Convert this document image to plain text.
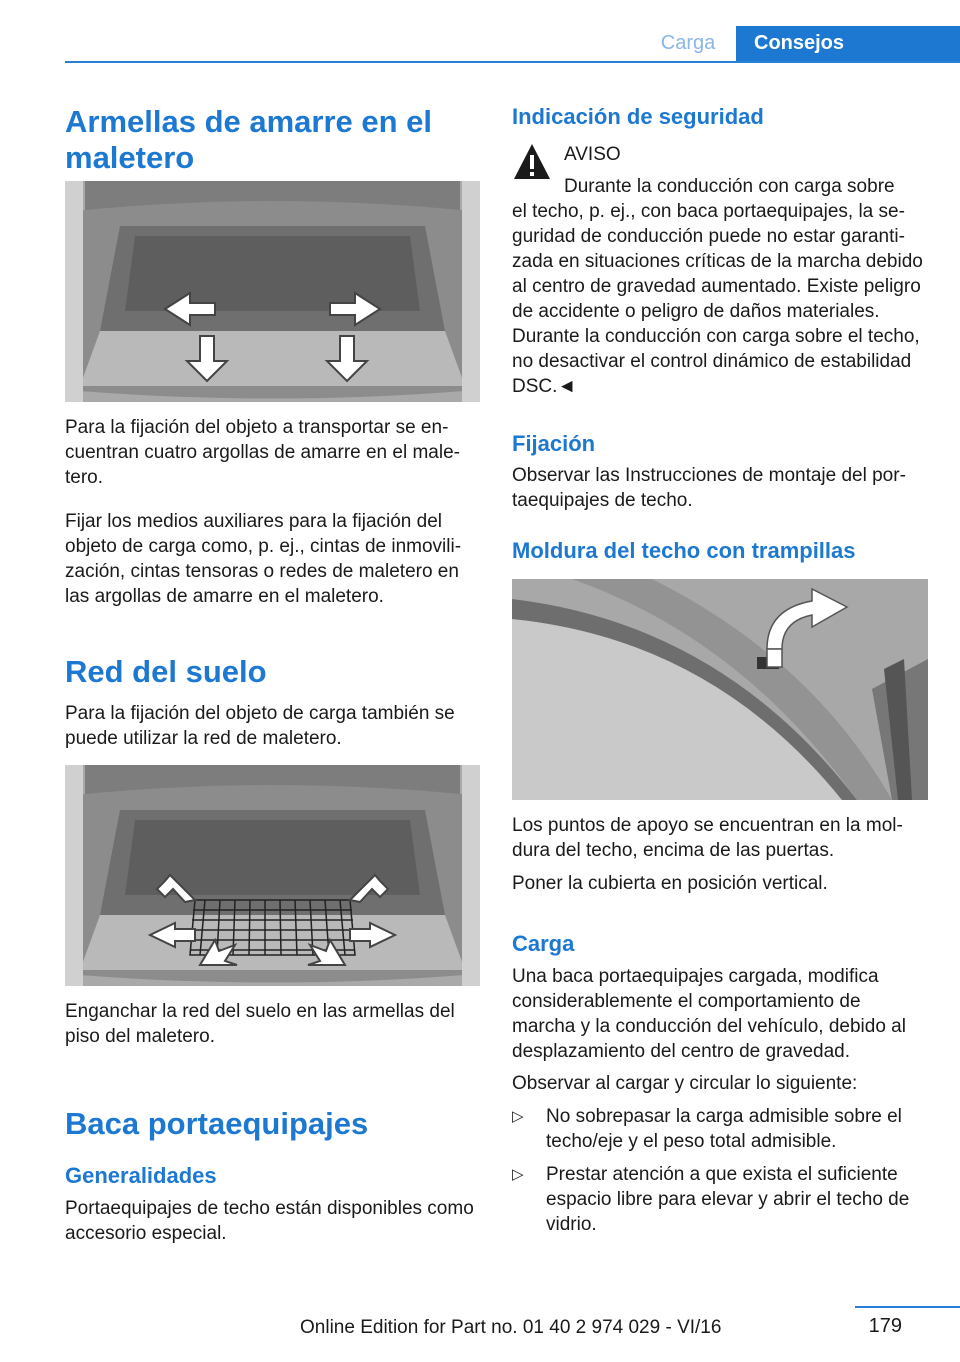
Carga	Consejos
Armellas de amarre en el maletero

Para la fijación del objeto a transportar se encuentran cuatro argollas de amarre en el maletero.

Fijar los medios auxiliares para la fijación del objeto de carga como, p. ej., cintas de inmovilización, cintas tensoras o redes de maletero en las argollas de amarre en el maletero.

Red del suelo

Para la fijación del objeto de carga también se puede utilizar la red de maletero.

Enganchar la red del suelo en las armellas del piso del maletero.

Baca portaequipajes
Generalidades

Portaequipajes de techo están disponibles como accesorio especial.

Indicación de seguridad

AVISO

Durante la conducción con carga sobre

el techo, p. ej., con baca portaequipajes, la seguridad de conducción puede no estar garantizada en situaciones críticas de la marcha debido al centro de gravedad aumentado. Existe peligro de accidente o peligro de daños materiales. Durante la conducción con carga sobre el techo, no desactivar el control dinámico de estabilidad DSC.◄

Fijación

Observar las Instrucciones de montaje del portaequipajes de techo.

Moldura del techo con trampillas

Los puntos de apoyo se encuentran en la moldura del techo, encima de las puertas.

Poner la cubierta en posición vertical.

Carga

Una baca portaequipajes cargada, modifica considerablemente el comportamiento de marcha y la conducción del vehículo, debido al desplazamiento del centro de gravedad.

Observar al cargar y circular lo siguiente:

▷ No sobrepasar la carga admisible sobre el techo/eje y el peso total admisible.
▷ Prestar atención a que exista el suficiente espacio libre para elevar y abrir el techo de vidrio.
179
Online Edition for Part no. 01 40 2 974 029 - VI/16
